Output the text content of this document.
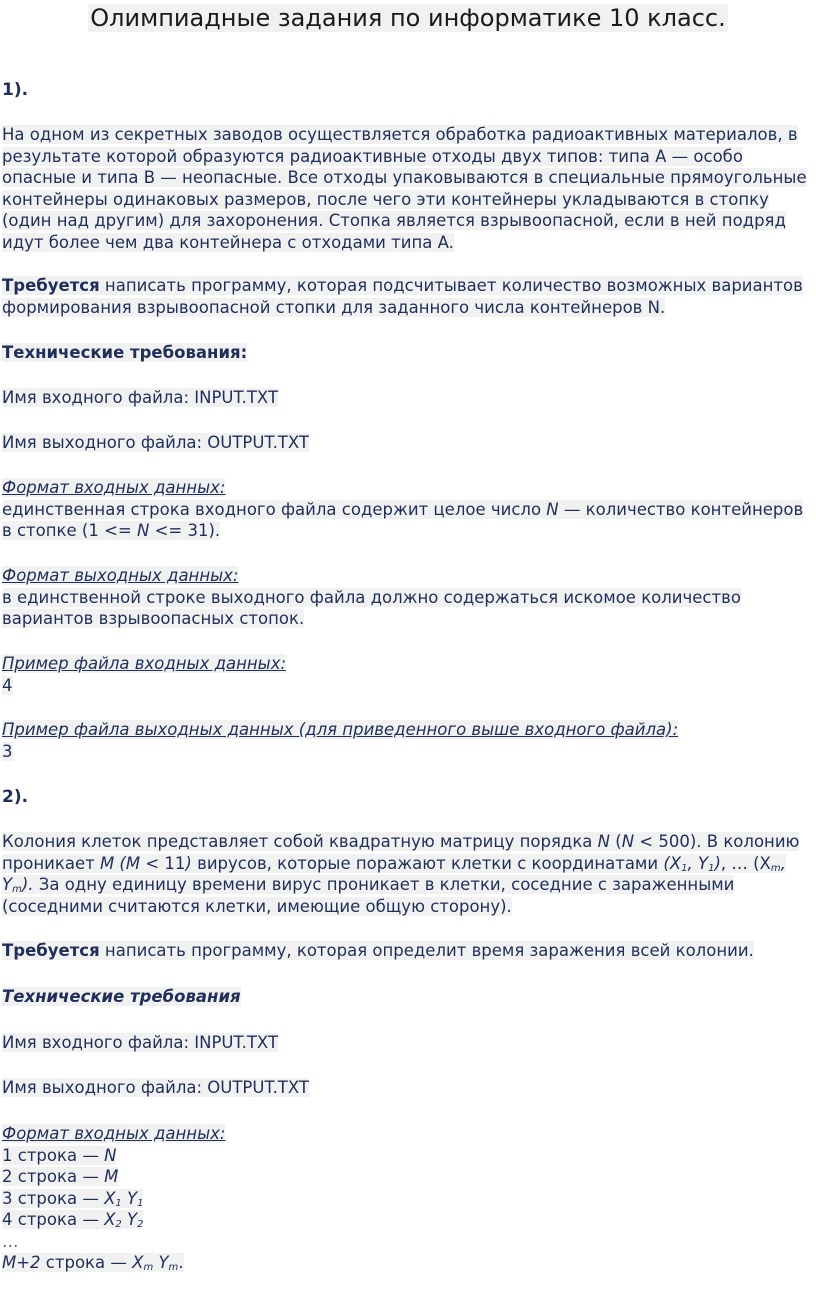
Олимпиадные задания по информатике 10 класс.
1).
На одном из секретных заводов осуществляется обработка радиоактивных материалов, в результате которой образуются радиоактивные отходы двух типов: типа A — особо опасные и типа B — неопасные. Все отходы упаковываются в специальные прямоугольные контейнеры одинаковых размеров, после чего эти контейнеры укладываются в стопку (один над другим) для захоронения. Стопка является взрывоопасной, если в ней подряд идут более чем два контейнера с отходами типа A.
Требуется написать программу, которая подсчитывает количество возможных вариантов формирования взрывоопасной стопки для заданного числа контейнеров N.
Технические требования:
Имя входного файла: INPUT.TXT
Имя выходного файла: OUTPUT.TXT
Формат входных данных:
единственная строка входного файла содержит целое число N — количество контейнеров в стопке (1 <= N <= 31).
Формат выходных данных:
в единственной строке выходного файла должно содержаться искомое количество вариантов взрывоопасных стопок.
Пример файла входных данных:
4
Пример файла выходных данных (для приведенного выше входного файла):
3
2).
Колония клеток представляет собой квадратную матрицу порядка N (N < 500). В колонию проникает M (M < 11) вирусов, которые поражают клетки с координатами ($X_1$, $Y_1$), … ($X_m$, $Y_m$). За одну единицу времени вирус проникает в клетки, соседние с зараженными (соседними считаются клетки, имеющие общую сторону).
Требуется написать программу, которая определит время заражения всей колонии.
Технические требования
Имя входного файла: INPUT.TXT
Имя выходного файла: OUTPUT.TXT
Формат входных данных:
1 строка — N
2 строка — M
3 строка — $X_1$ $Y_1$
4 строка — $X_2$ $Y_2$
…
M+2 строка — $X_m$ $Y_m$.
